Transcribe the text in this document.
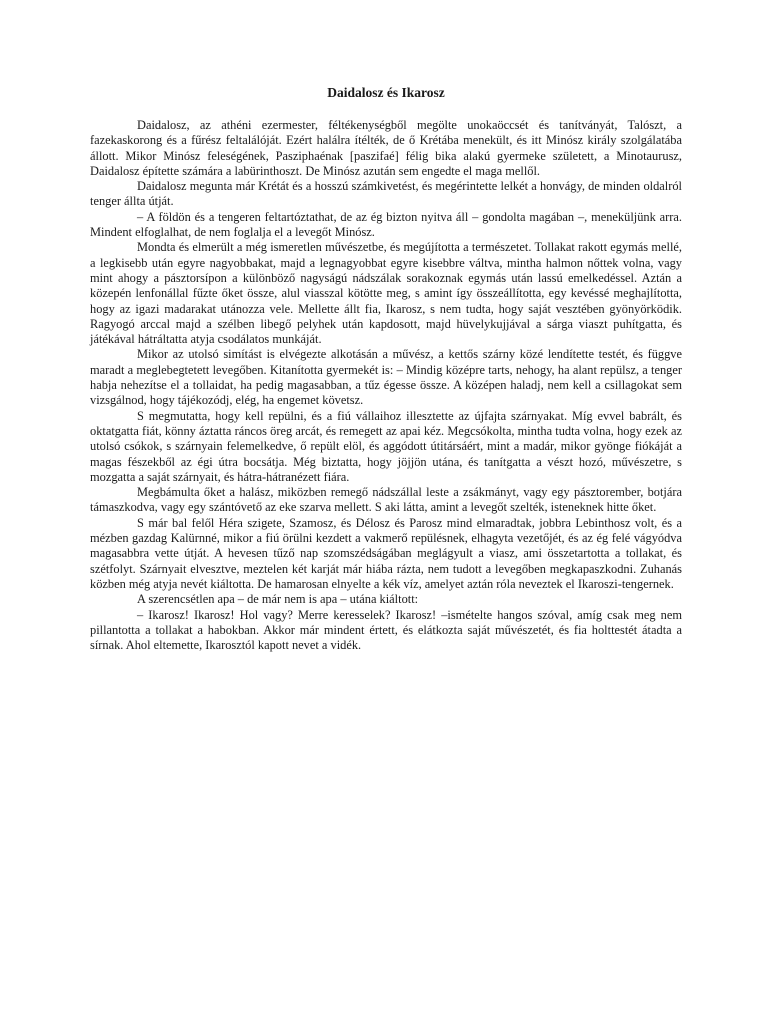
Daidalosz és Ikarosz

Daidalosz, az athéni ezermester, féltékenységből megölte unokaöccsét és tanítványát, Talószt, a fazekaskorong és a fűrész feltalálóját. Ezért halálra ítélték, de ő Krétába menekült, és itt Minósz király szolgálatába állott. Mikor Minósz feleségének, Pasziphaénak [paszifaé] félig bika alakú gyermeke született, a Minotaurusz, Daidalosz építette számára a labürinthoszt. De Minósz azután sem engedte el maga mellől.

Daidalosz megunta már Krétát és a hosszú számkivetést, és megérintette lelkét a honvágy, de minden oldalról tenger állta útját.

– A földön és a tengeren feltartóztathat, de az ég bizton nyitva áll – gondolta magában –, meneküljünk arra. Mindent elfoglalhat, de nem foglalja el a levegőt Minósz.

Mondta és elmerült a még ismeretlen művészetbe, és megújította a természetet. Tollakat rakott egymás mellé, a legkisebb után egyre nagyobbakat, majd a legnagyobbat egyre kisebbre váltva, mintha halmon nőttek volna, vagy mint ahogy a pásztorsípon a különböző nagyságú nádszálak sorakoznak egymás után lassú emelkedéssel. Aztán a közepén lenfonállal fűzte őket össze, alul viasszal kötötte meg, s amint így összeállította, egy kevéssé meghajlította, hogy az igazi madarakat utánozza vele. Mellette állt fia, Ikarosz, s nem tudta, hogy saját vesztében gyönyörködik. Ragyogó arccal majd a szélben libegő pelyhek után kapdosott, majd hüvelykujjával a sárga viaszt puhítgatta, és játékával hátráltatta atyja csodálatos munkáját.

Mikor az utolsó simítást is elvégezte alkotásán a művész, a kettős szárny közé lendítette testét, és függve maradt a meglebegtetett levegőben. Kitanította gyermekét is: – Mindig középre tarts, nehogy, ha alant repülsz, a tenger habja nehezítse el a tollaidat, ha pedig magasabban, a tűz égesse össze. A középen haladj, nem kell a csillagokat sem vizsgálnod, hogy tájékozódj, elég, ha engemet követsz.

S megmutatta, hogy kell repülni, és a fiú vállaihoz illesztette az újfajta szárnyakat. Míg evvel babrált, és oktatgatta fiát, könny áztatta ráncos öreg arcát, és remegett az apai kéz. Megcsókolta, mintha tudta volna, hogy ezek az utolsó csókok, s szárnyain felemelkedve, ő repült elöl, és aggódott útitársáért, mint a madár, mikor gyönge fiókáját a magas fészekből az égi útra bocsátja. Még biztatta, hogy jöjjön utána, és tanítgatta a vészt hozó, művészetre, s mozgatta a saját szárnyait, és hátra-hátranézett fiára.

Megbámulta őket a halász, miközben remegő nádszállal leste a zsákmányt, vagy egy pásztorember, botjára támaszkodva, vagy egy szántóvető az eke szarva mellett. S aki látta, amint a levegőt szelték, isteneknek hitte őket.

S már bal felől Héra szigete, Szamosz, és Délosz és Parosz mind elmaradtak, jobbra Lebinthosz volt, és a mézben gazdag Kalürnné, mikor a fiú örülni kezdett a vakmerő repülésnek, elhagyta vezetőjét, és az ég felé vágyódva magasabbra vette útját. A hevesen tűző nap szomszédságában meglágyult a viasz, ami összetartotta a tollakat, és szétfolyt. Szárnyait elvesztve, meztelen két karját már hiába rázta, nem tudott a levegőben megkapaszkodni. Zuhanás közben még atyja nevét kiáltotta. De hamarosan elnyelte a kék víz, amelyet aztán róla neveztek el Ikaroszi-tengernek.

A szerencsétlen apa – de már nem is apa – utána kiáltott:

– Ikarosz! Ikarosz! Hol vagy? Merre keresselek? Ikarosz! –ismételte hangos szóval, amíg csak meg nem pillantotta a tollakat a habokban. Akkor már mindent értett, és elátkozta saját művészetét, és fia holttestét átadta a sírnak. Ahol eltemette, Ikarosztól kapott nevet a vidék.
